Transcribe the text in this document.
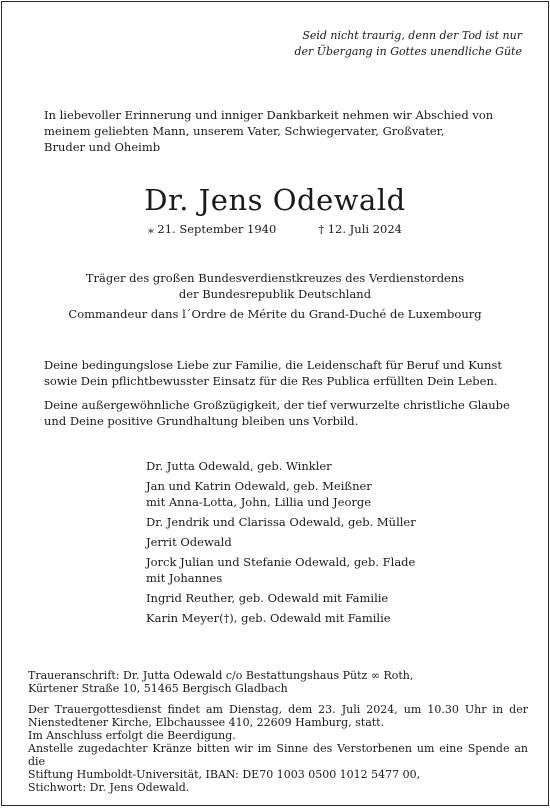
Seid nicht traurig, denn der Tod ist nur
der Übergang in Gottes unendliche Güte
In liebevoller Erinnerung und inniger Dankbarkeit nehmen wir Abschied von
meinem geliebten Mann, unserem Vater, Schwiegervater, Großvater,
Bruder und Oheimb
Dr. Jens Odewald
⁎ 21. September 1940	† 12. Juli 2024
Träger des großen Bundesverdienstkreuzes des Verdienstordens
der Bundesrepublik Deutschland
Commandeur dans l´Ordre de Mérite du Grand-Duché de Luxembourg
Deine bedingungslose Liebe zur Familie, die Leidenschaft für Beruf und Kunst
sowie Dein pflichtbewusster Einsatz für die Res Publica erfüllten Dein Leben.
Deine außergewöhnliche Großzügigkeit, der tief verwurzelte christliche Glaube
und Deine positive Grundhaltung bleiben uns Vorbild.
Dr. Jutta Odewald, geb. Winkler
Jan und Katrin Odewald, geb. Meißner
mit Anna-Lotta, John, Lillia und Jeorge
Dr. Jendrik und Clarissa Odewald, geb. Müller
Jerrit Odewald
Jorck Julian und Stefanie Odewald, geb. Flade
mit Johannes
Ingrid Reuther, geb. Odewald mit Familie
Karin Meyer(†), geb. Odewald mit Familie
Traueranschrift: Dr. Jutta Odewald c/o Bestattungshaus Pütz ∞ Roth,
Kürtener Straße 10, 51465 Bergisch Gladbach
Der Trauergottesdienst findet am Dienstag, dem 23. Juli 2024, um 10.30 Uhr in der
Nienstedtener Kirche, Elbchaussee 410, 22609 Hamburg, statt.
Im Anschluss erfolgt die Beerdigung.
Anstelle zugedachter Kränze bitten wir im Sinne des Verstorbenen um eine Spende an die
Stiftung Humboldt-Universität, IBAN: DE70 1003 0500 1012 5477 00,
Stichwort: Dr. Jens Odewald.
